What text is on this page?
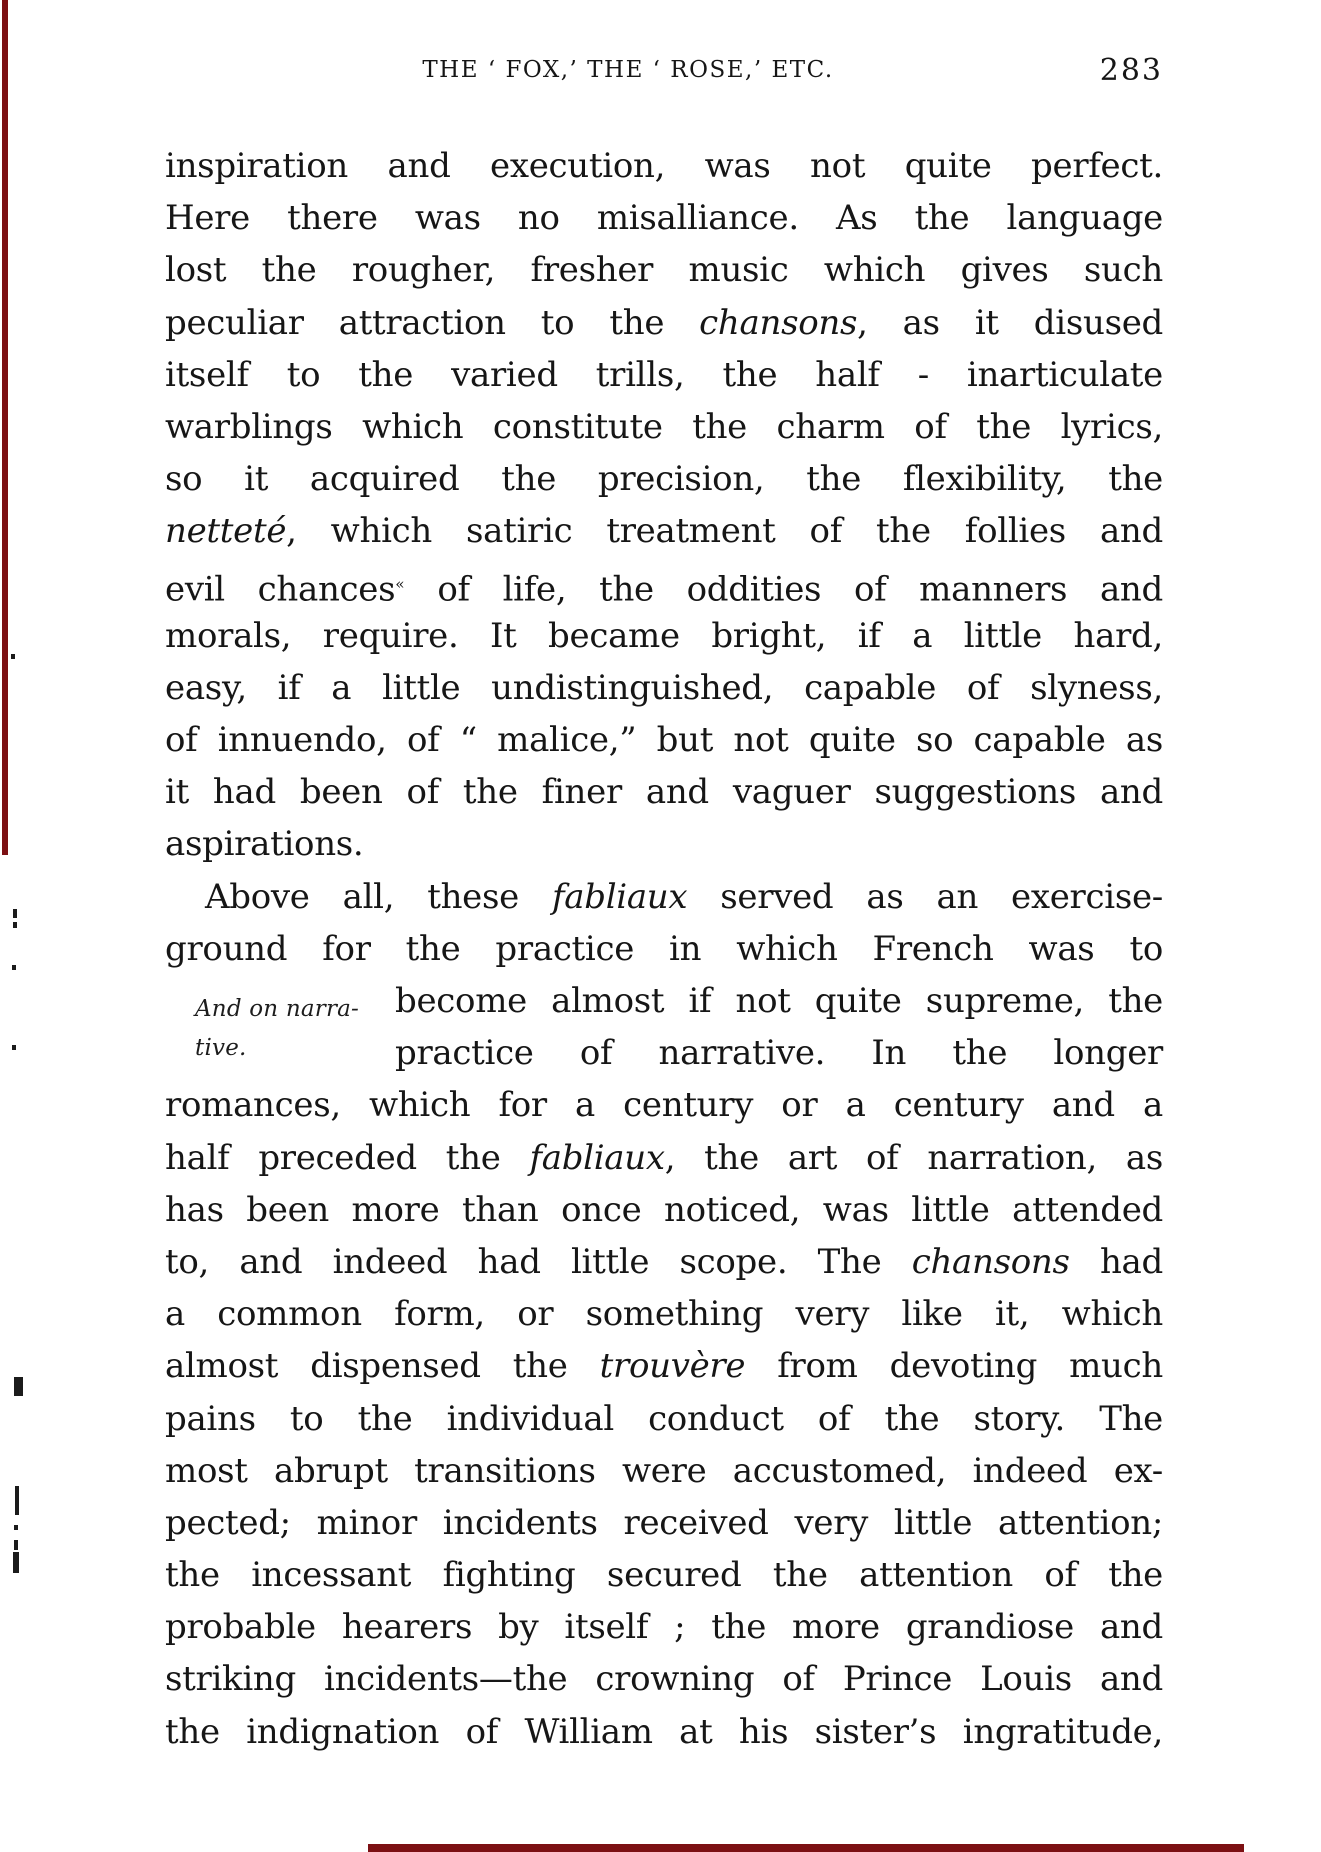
THE ‘ FOX,’ THE ‘ ROSE,’ ETC.	283
And on narra-
tive.
inspiration and execution, was not quite perfect.
Here there was no misalliance. As the language
lost the rougher, fresher music which gives such
peculiar attraction to the chansons, as it disused
itself to the varied trills, the half - inarticulate
warblings which constitute the charm of the lyrics,
so it acquired the precision, the flexibility, the
netteté, which satiric treatment of the follies and
evil chances« of life, the oddities of manners and
morals, require. It became bright, if a little hard,
easy, if a little undistinguished, capable of slyness,
of innuendo, of “ malice,” but not quite so capable as
it had been of the finer and vaguer suggestions and
aspirations.
Above all, these fabliaux served as an exercise-
ground for the practice in which French was to
become almost if not quite supreme, the
practice of narrative. In the longer
romances, which for a century or a century and a
half preceded the fabliaux, the art of narration, as
has been more than once noticed, was little attended
to, and indeed had little scope. The chansons had
a common form, or something very like it, which
almost dispensed the trouvère from devoting much
pains to the individual conduct of the story. The
most abrupt transitions were accustomed, indeed ex-
pected; minor incidents received very little attention;
the incessant fighting secured the attention of the
probable hearers by itself ; the more grandiose and
striking incidents—the crowning of Prince Louis and
the indignation of William at his sister’s ingratitude,
